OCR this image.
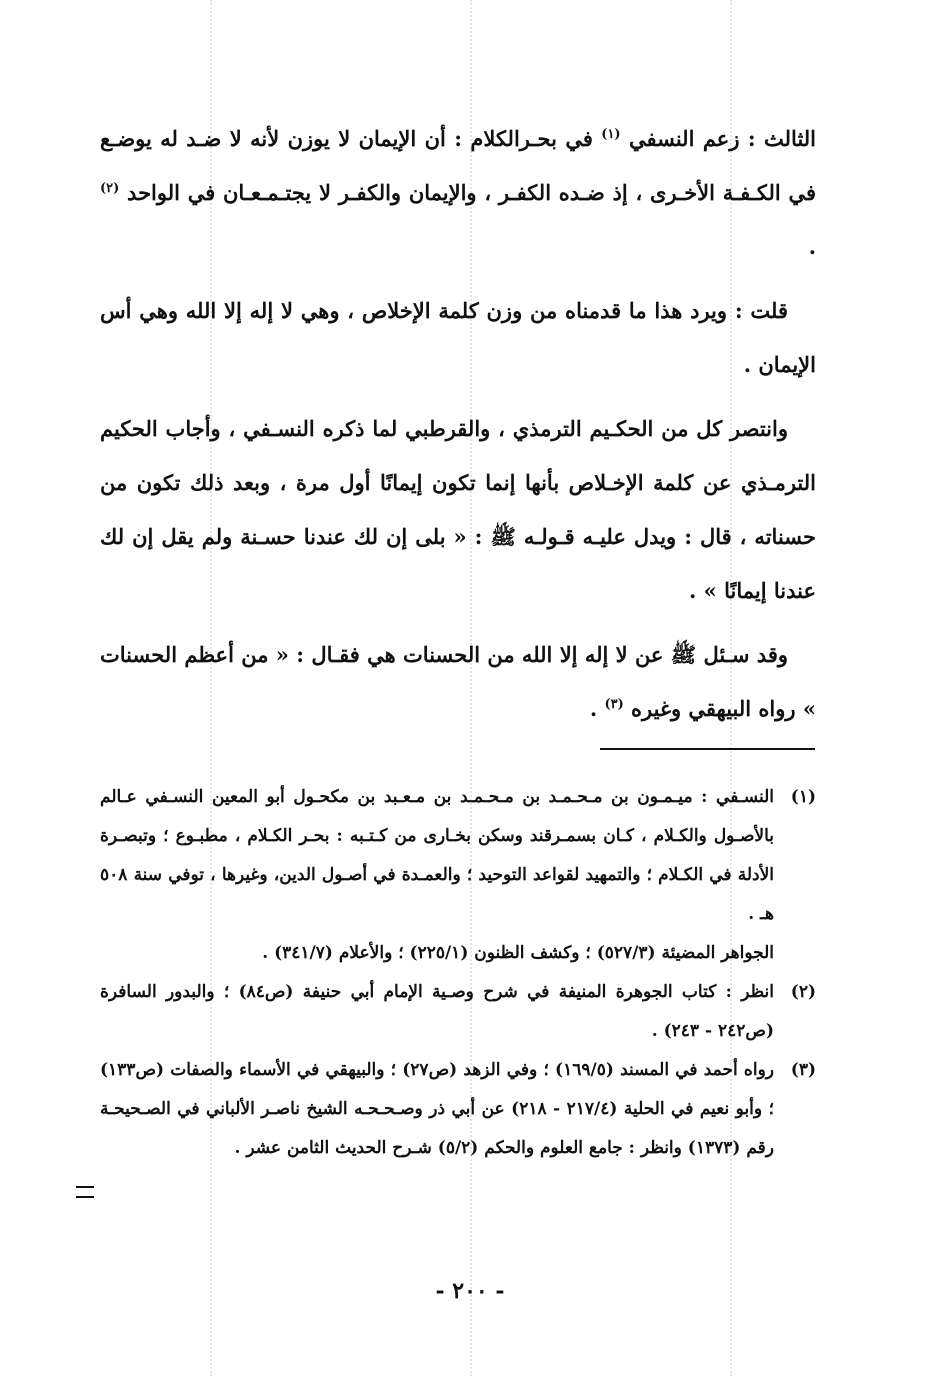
الثالث : زعم النسفي $^{(١)}$ في بحـرالكلام : أن الإيمان لا يوزن لأنه لا ضـد له يوضـع في الكـفـة الأخـرى ، إذ ضـده الكفـر ، والإيمان والكفـر لا يجتـمـعـان في الواحد $^{(٢)}$ .

قلت : ويرد هذا ما قدمناه من وزن كلمة الإخلاص ، وهي لا إله إلا الله وهي أس الإيمان .

وانتصر كل من الحكـيم الترمذي ، والقرطبي لما ذكره النسـفي ، وأجاب الحكيم الترمـذي عن كلمة الإخـلاص بأنها إنما تكون إيمانًا أول مرة ، وبعد ذلك تكون من حسناته ، قال : ويدل عليـه قـولـه ﷺ : « بلى إن لك عندنا حسـنة ولم يقل إن لك عندنا إيمانًا » .

وقد سـئل ﷺ عن لا إله إلا الله من الحسنات هي فقـال : « من أعظم الحسنات » رواه البيهقي وغيره $^{(٣)}$ .

(١)
النسـفي : ميـمـون بن مـحـمـد بن مـحـمـد بن مـعـبد بن مكحـول أبو المعين النسـفي عـالم بالأصـول والكـلام ، كـان بسمـرقند وسكن بخـارى من كـتـبه : بحـر الكـلام ، مطبـوع ؛ وتبصـرة الأدلة في الكـلام ؛ والتمهيد لقواعد التوحيد ؛ والعمـدة في أصـول الدين، وغيرها ، توفي سنة ٥٠٨ هـ .
الجواهر المضيئة (٥٢٧/٣) ؛ وكشف الظنون (٢٢٥/١) ؛ والأعلام (٣٤١/٧) .
(٢)
انظر : كتاب الجوهرة المنيفة في شرح وصـية الإمام أبي حنيفة (ص٨٤) ؛ والبدور السافرة (ص٢٤٢ - ٢٤٣) .
(٣)
رواه أحمد في المسند (١٦٩/٥) ؛ وفي الزهد (ص٢٧) ؛ والبيهقي في الأسماء والصفات (ص١٣٣) ؛ وأبو نعيم في الحلية (٢١٧/٤ - ٢١٨) عن أبي ذر وصـحـحـه الشيخ ناصـر الألباني في الصـحيحـة رقم (١٣٧٣) وانظر : جامع العلوم والحكم (٥/٢) شـرح الحديث الثامن عشر .
- ٢٠٠ -
